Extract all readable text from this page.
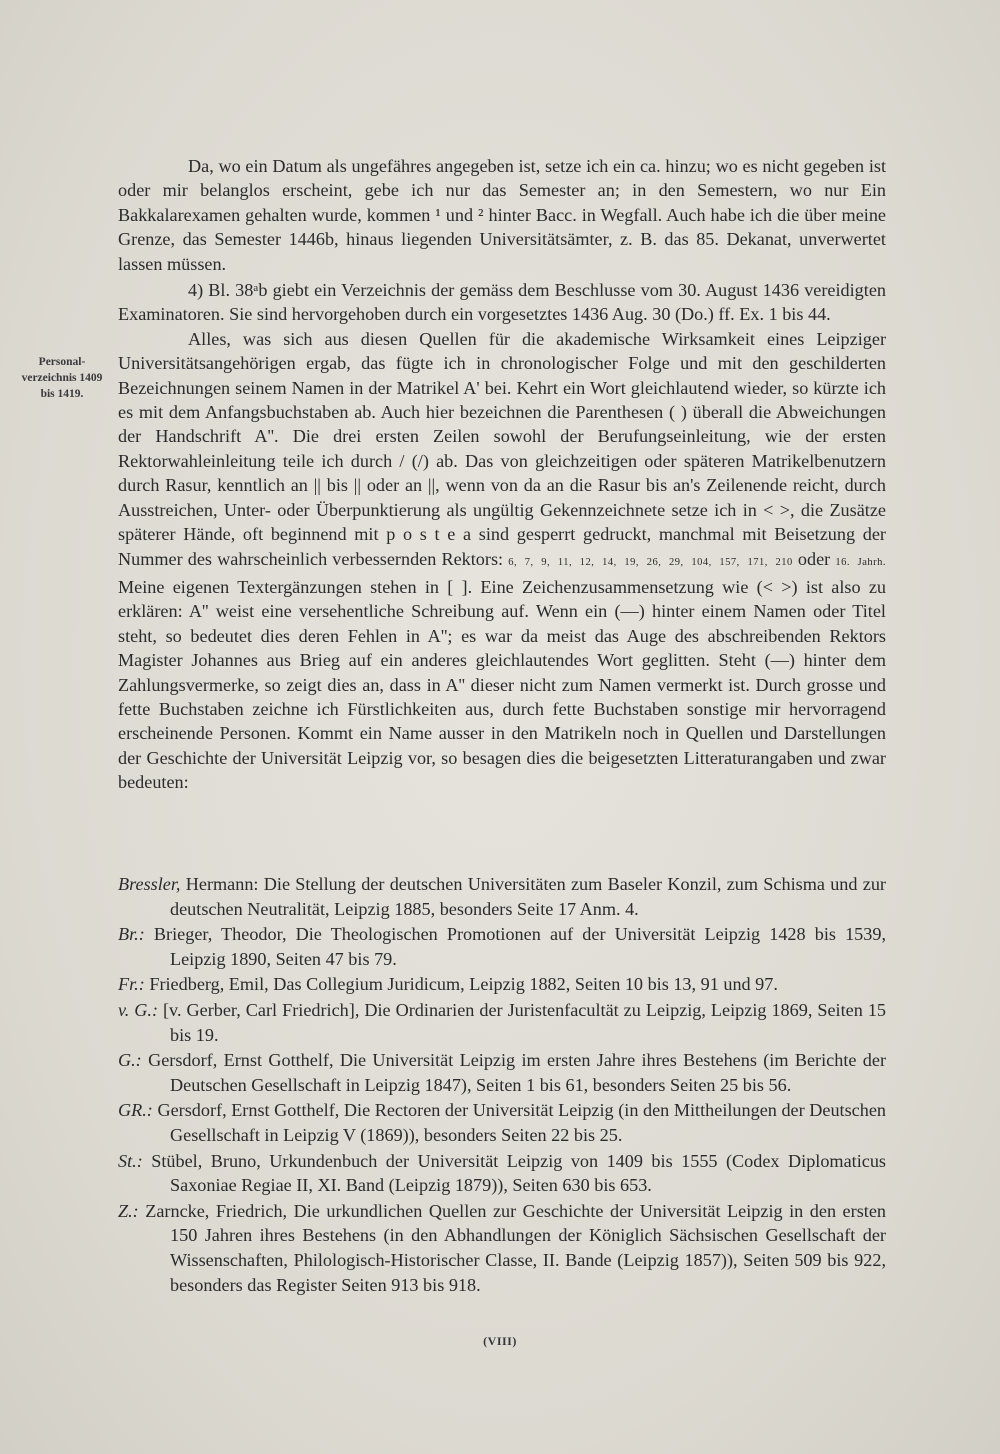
Personal-
verzeichnis 1409
bis 1419.

Da, wo ein Datum als ungefähres angegeben ist, setze ich ein ca. hinzu; wo es nicht gegeben ist oder mir belanglos erscheint, gebe ich nur das Semester an; in den Semestern, wo nur Ein Bakkalarexamen gehalten wurde, kommen ¹ und ² hinter Bacc. in Wegfall. Auch habe ich die über meine Grenze, das Semester 1446b, hinaus liegenden Universitätsämter, z. B. das 85. Dekanat, unverwertet lassen müssen.

4) Bl. 38ᵃb giebt ein Verzeichnis der gemäss dem Beschlusse vom 30. August 1436 vereidigten Examinatoren. Sie sind hervorgehoben durch ein vorgesetztes 1436 Aug. 30 (Do.) ff. Ex. 1 bis 44.

Alles, was sich aus diesen Quellen für die akademische Wirksamkeit eines Leipziger Universitätsangehörigen ergab, das fügte ich in chronologischer Folge und mit den geschilderten Bezeichnungen seinem Namen in der Matrikel A' bei. Kehrt ein Wort gleichlautend wieder, so kürzte ich es mit dem Anfangsbuchstaben ab. Auch hier bezeichnen die Parenthesen ( ) überall die Abweichungen der Handschrift A''. Die drei ersten Zeilen sowohl der Berufungseinleitung, wie der ersten Rektorwahleinleitung teile ich durch / (/) ab. Das von gleichzeitigen oder späteren Matrikelbenutzern durch Rasur, kenntlich an || bis || oder an ||, wenn von da an die Rasur bis an's Zeilenende reicht, durch Ausstreichen, Unter- oder Überpunktierung als ungültig Gekennzeichnete setze ich in < >, die Zusätze späterer Hände, oft beginnend mit p o s t e a sind gesperrt gedruckt, manchmal mit Beisetzung der Nummer des wahrscheinlich verbessernden Rektors: 6, 7, 9, 11, 12, 14, 19, 26, 29, 104, 157, 171, 210 oder 16. Jahrh. Meine eigenen Textergänzungen stehen in [ ]. Eine Zeichenzusammensetzung wie (< >) ist also zu erklären: A'' weist eine versehentliche Schreibung auf. Wenn ein (—) hinter einem Namen oder Titel steht, so bedeutet dies deren Fehlen in A''; es war da meist das Auge des abschreibenden Rektors Magister Johannes aus Brieg auf ein anderes gleichlautendes Wort geglitten. Steht (—) hinter dem Zahlungsvermerke, so zeigt dies an, dass in A'' dieser nicht zum Namen vermerkt ist. Durch grosse und fette Buchstaben zeichne ich Fürstlichkeiten aus, durch fette Buchstaben sonstige mir hervorragend erscheinende Personen. Kommt ein Name ausser in den Matrikeln noch in Quellen und Darstellungen der Geschichte der Universität Leipzig vor, so besagen dies die beigesetzten Litteraturangaben und zwar bedeuten:

Bressler, Hermann: Die Stellung der deutschen Universitäten zum Baseler Konzil, zum Schisma und zur deutschen Neutralität, Leipzig 1885, besonders Seite 17 Anm. 4.

Br.: Brieger, Theodor, Die Theologischen Promotionen auf der Universität Leipzig 1428 bis 1539, Leipzig 1890, Seiten 47 bis 79.

Fr.: Friedberg, Emil, Das Collegium Juridicum, Leipzig 1882, Seiten 10 bis 13, 91 und 97.

v. G.: [v. Gerber, Carl Friedrich], Die Ordinarien der Juristenfacultät zu Leipzig, Leipzig 1869, Seiten 15 bis 19.

G.: Gersdorf, Ernst Gotthelf, Die Universität Leipzig im ersten Jahre ihres Bestehens (im Berichte der Deutschen Gesellschaft in Leipzig 1847), Seiten 1 bis 61, besonders Seiten 25 bis 56.

GR.: Gersdorf, Ernst Gotthelf, Die Rectoren der Universität Leipzig (in den Mittheilungen der Deutschen Gesellschaft in Leipzig V (1869)), besonders Seiten 22 bis 25.

St.: Stübel, Bruno, Urkundenbuch der Universität Leipzig von 1409 bis 1555 (Codex Diplomaticus Saxoniae Regiae II, XI. Band (Leipzig 1879)), Seiten 630 bis 653.

Z.: Zarncke, Friedrich, Die urkundlichen Quellen zur Geschichte der Universität Leipzig in den ersten 150 Jahren ihres Bestehens (in den Abhandlungen der Königlich Sächsischen Gesellschaft der Wissenschaften, Philologisch-Historischer Classe, II. Bande (Leipzig 1857)), Seiten 509 bis 922, besonders das Register Seiten 913 bis 918.

(VIII)
